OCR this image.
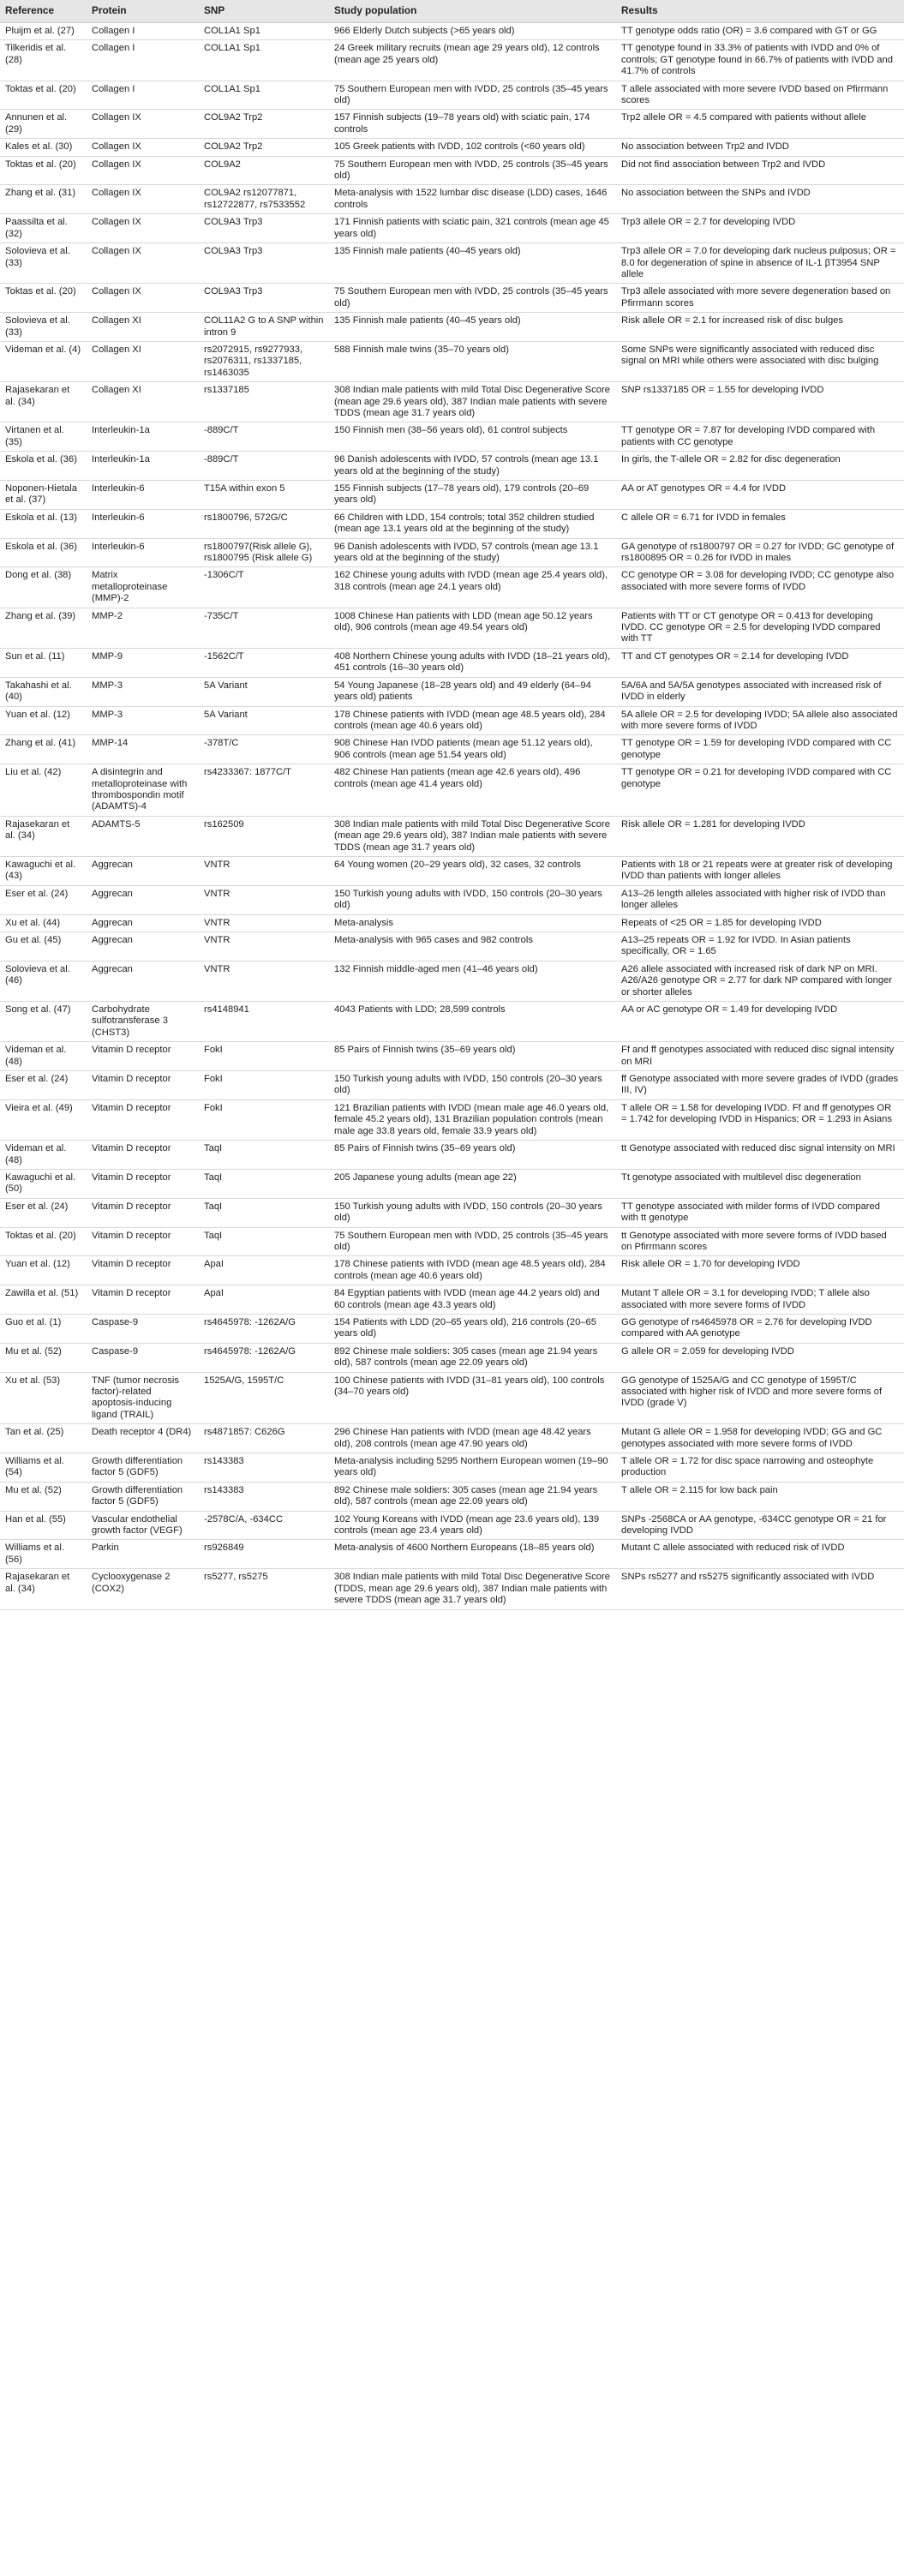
Reference	Protein	SNP	Study population	Results
Pluijm et al. (27)	Collagen I	COL1A1 Sp1	966 Elderly Dutch subjects (>65 years old)	TT genotype odds ratio (OR) = 3.6 compared with GT or GG
Tilkeridis et al. (28)	Collagen I	COL1A1 Sp1	24 Greek military recruits (mean age 29 years old), 12 controls (mean age 25 years old)	TT genotype found in 33.3% of patients with IVDD and 0% of controls; GT genotype found in 66.7% of patients with IVDD and 41.7% of controls
Toktas et al. (20)	Collagen I	COL1A1 Sp1	75 Southern European men with IVDD, 25 controls (35–45 years old)	T allele associated with more severe IVDD based on Pfirrmann scores
Annunen et al. (29)	Collagen IX	COL9A2 Trp2	157 Finnish subjects (19–78 years old) with sciatic pain, 174 controls	Trp2 allele OR = 4.5 compared with patients without allele
Kales et al. (30)	Collagen IX	COL9A2 Trp2	105 Greek patients with IVDD, 102 controls (<60 years old)	No association between Trp2 and IVDD
Toktas et al. (20)	Collagen IX	COL9A2	75 Southern European men with IVDD, 25 controls (35–45 years old)	Did not find association between Trp2 and IVDD
Zhang et al. (31)	Collagen IX	COL9A2 rs12077871, rs12722877, rs7533552	Meta-analysis with 1522 lumbar disc disease (LDD) cases, 1646 controls	No association between the SNPs and IVDD
Paassilta et al. (32)	Collagen IX	COL9A3 Trp3	171 Finnish patients with sciatic pain, 321 controls (mean age 45 years old)	Trp3 allele OR = 2.7 for developing IVDD
Solovieva et al. (33)	Collagen IX	COL9A3 Trp3	135 Finnish male patients (40–45 years old)	Trp3 allele OR = 7.0 for developing dark nucleus pulposus; OR = 8.0 for degeneration of spine in absence of IL-1 βT3954 SNP allele
Toktas et al. (20)	Collagen IX	COL9A3 Trp3	75 Southern European men with IVDD, 25 controls (35–45 years old)	Trp3 allele associated with more severe degeneration based on Pfirrmann scores
Solovieva et al. (33)	Collagen XI	COL11A2 G to A SNP within intron 9	135 Finnish male patients (40–45 years old)	Risk allele OR = 2.1 for increased risk of disc bulges
Videman et al. (4)	Collagen XI	rs2072915, rs9277933, rs2076311, rs1337185, rs1463035	588 Finnish male twins (35–70 years old)	Some SNPs were significantly associated with reduced disc signal on MRI while others were associated with disc bulging
Rajasekaran et al. (34)	Collagen XI	rs1337185	308 Indian male patients with mild Total Disc Degenerative Score (mean age 29.6 years old), 387 Indian male patients with severe TDDS (mean age 31.7 years old)	SNP rs1337185 OR = 1.55 for developing IVDD
Virtanen et al. (35)	Interleukin-1a	-889C/T	150 Finnish men (38–56 years old), 61 control subjects	TT genotype OR = 7.87 for developing IVDD compared with patients with CC genotype
Eskola et al. (36)	Interleukin-1a	-889C/T	96 Danish adolescents with IVDD, 57 controls (mean age 13.1 years old at the beginning of the study)	In girls, the T-allele OR = 2.82 for disc degeneration
Noponen-Hietala et al. (37)	Interleukin-6	T15A within exon 5	155 Finnish subjects (17–78 years old), 179 controls (20–69 years old)	AA or AT genotypes OR = 4.4 for IVDD
Eskola et al. (13)	Interleukin-6	rs1800796, 572G/C	66 Children with LDD, 154 controls; total 352 children studied (mean age 13.1 years old at the beginning of the study)	C allele OR = 6.71 for IVDD in females
Eskola et al. (36)	Interleukin-6	rs1800797(Risk allele G), rs1800795 (Risk allele G)	96 Danish adolescents with IVDD, 57 controls (mean age 13.1 years old at the beginning of the study)	GA genotype of rs1800797 OR = 0.27 for IVDD; GC genotype of rs1800895 OR = 0.26 for IVDD in males
Dong et al. (38)	Matrix metalloproteinase (MMP)-2	-1306C/T	162 Chinese young adults with IVDD (mean age 25.4 years old), 318 controls (mean age 24.1 years old)	CC genotype OR = 3.08 for developing IVDD; CC genotype also associated with more severe forms of IVDD
Zhang et al. (39)	MMP-2	-735C/T	1008 Chinese Han patients with LDD (mean age 50.12 years old), 906 controls (mean age 49.54 years old)	Patients with TT or CT genotype OR = 0.413 for developing IVDD. CC genotype OR = 2.5 for developing IVDD compared with TT
Sun et al. (11)	MMP-9	-1562C/T	408 Northern Chinese young adults with IVDD (18–21 years old), 451 controls (16–30 years old)	TT and CT genotypes OR = 2.14 for developing IVDD
Takahashi et al. (40)	MMP-3	5A Variant	54 Young Japanese (18–28 years old) and 49 elderly (64–94 years old) patients	5A/6A and 5A/5A genotypes associated with increased risk of IVDD in elderly
Yuan et al. (12)	MMP-3	5A Variant	178 Chinese patients with IVDD (mean age 48.5 years old), 284 controls (mean age 40.6 years old)	5A allele OR = 2.5 for developing IVDD; 5A allele also associated with more severe forms of IVDD
Zhang et al. (41)	MMP-14	-378T/C	908 Chinese Han IVDD patients (mean age 51.12 years old), 906 controls (mean age 51.54 years old)	TT genotype OR = 1.59 for developing IVDD compared with CC genotype
Liu et al. (42)	A disintegrin and metalloproteinase with thrombospondin motif (ADAMTS)-4	rs4233367: 1877C/T	482 Chinese Han patients (mean age 42.6 years old), 496 controls (mean age 41.4 years old)	TT genotype OR = 0.21 for developing IVDD compared with CC genotype
Rajasekaran et al. (34)	ADAMTS-5	rs162509	308 Indian male patients with mild Total Disc Degenerative Score (mean age 29.6 years old), 387 Indian male patients with severe TDDS (mean age 31.7 years old)	Risk allele OR = 1.281 for developing IVDD
Kawaguchi et al. (43)	Aggrecan	VNTR	64 Young women (20–29 years old), 32 cases, 32 controls	Patients with 18 or 21 repeats were at greater risk of developing IVDD than patients with longer alleles
Eser et al. (24)	Aggrecan	VNTR	150 Turkish young adults with IVDD, 150 controls (20–30 years old)	A13–26 length alleles associated with higher risk of IVDD than longer alleles
Xu et al. (44)	Aggrecan	VNTR	Meta-analysis	Repeats of <25 OR = 1.85 for developing IVDD
Gu et al. (45)	Aggrecan	VNTR	Meta-analysis with 965 cases and 982 controls	A13–25 repeats OR = 1.92 for IVDD. In Asian patients specifically, OR = 1.65
Solovieva et al. (46)	Aggrecan	VNTR	132 Finnish middle-aged men (41–46 years old)	A26 allele associated with increased risk of dark NP on MRI. A26/A26 genotype OR = 2.77 for dark NP compared with longer or shorter alleles
Song et al. (47)	Carbohydrate sulfotransferase 3 (CHST3)	rs4148941	4043 Patients with LDD; 28,599 controls	AA or AC genotype OR = 1.49 for developing IVDD
Videman et al. (48)	Vitamin D receptor	FokI	85 Pairs of Finnish twins (35–69 years old)	Ff and ff genotypes associated with reduced disc signal intensity on MRI
Eser et al. (24)	Vitamin D receptor	FokI	150 Turkish young adults with IVDD, 150 controls (20–30 years old)	ff Genotype associated with more severe grades of IVDD (grades III, IV)
Vieira et al. (49)	Vitamin D receptor	FokI	121 Brazilian patients with IVDD (mean male age 46.0 years old, female 45.2 years old), 131 Brazilian population controls (mean male age 33.8 years old, female 33.9 years old)	T allele OR = 1.58 for developing IVDD. Ff and ff genotypes OR = 1.742 for developing IVDD in Hispanics; OR = 1.293 in Asians
Videman et al. (48)	Vitamin D receptor	TaqI	85 Pairs of Finnish twins (35–69 years old)	tt Genotype associated with reduced disc signal intensity on MRI
Kawaguchi et al. (50)	Vitamin D receptor	TaqI	205 Japanese young adults (mean age 22)	Tt genotype associated with multilevel disc degeneration
Eser et al. (24)	Vitamin D receptor	TaqI	150 Turkish young adults with IVDD, 150 controls (20–30 years old)	TT genotype associated with milder forms of IVDD compared with tt genotype
Toktas et al. (20)	Vitamin D receptor	TaqI	75 Southern European men with IVDD, 25 controls (35–45 years old)	tt Genotype associated with more severe forms of IVDD based on Pfirrmann scores
Yuan et al. (12)	Vitamin D receptor	ApaI	178 Chinese patients with IVDD (mean age 48.5 years old), 284 controls (mean age 40.6 years old)	Risk allele OR = 1.70 for developing IVDD
Zawilla et al. (51)	Vitamin D receptor	ApaI	84 Egyptian patients with IVDD (mean age 44.2 years old) and 60 controls (mean age 43.3 years old)	Mutant T allele OR = 3.1 for developing IVDD; T allele also associated with more severe forms of IVDD
Guo et al. (1)	Caspase-9	rs4645978: -1262A/G	154 Patients with LDD (20–65 years old), 216 controls (20–65 years old)	GG genotype of rs4645978 OR = 2.76 for developing IVDD compared with AA genotype
Mu et al. (52)	Caspase-9	rs4645978: -1262A/G	892 Chinese male soldiers: 305 cases (mean age 21.94 years old), 587 controls (mean age 22.09 years old)	G allele OR = 2.059 for developing IVDD
Xu et al. (53)	TNF (tumor necrosis factor)-related apoptosis-inducing ligand (TRAIL)	1525A/G, 1595T/C	100 Chinese patients with IVDD (31–81 years old), 100 controls (34–70 years old)	GG genotype of 1525A/G and CC genotype of 1595T/C associated with higher risk of IVDD and more severe forms of IVDD (grade V)
Tan et al. (25)	Death receptor 4 (DR4)	rs4871857: C626G	296 Chinese Han patients with IVDD (mean age 48.42 years old), 208 controls (mean age 47.90 years old)	Mutant G allele OR = 1.958 for developing IVDD; GG and GC genotypes associated with more severe forms of IVDD
Williams et al. (54)	Growth differentiation factor 5 (GDF5)	rs143383	Meta-analysis including 5295 Northern European women (19–90 years old)	T allele OR = 1.72 for disc space narrowing and osteophyte production
Mu et al. (52)	Growth differentiation factor 5 (GDF5)	rs143383	892 Chinese male soldiers: 305 cases (mean age 21.94 years old), 587 controls (mean age 22.09 years old)	T allele OR = 2.115 for low back pain
Han et al. (55)	Vascular endothelial growth factor (VEGF)	-2578C/A, -634CC	102 Young Koreans with IVDD (mean age 23.6 years old), 139 controls (mean age 23.4 years old)	SNPs -2568CA or AA genotype, -634CC genotype OR = 21 for developing IVDD
Williams et al. (56)	Parkin	rs926849	Meta-analysis of 4600 Northern Europeans (18–85 years old)	Mutant C allele associated with reduced risk of IVDD
Rajasekaran et al. (34)	Cyclooxygenase 2 (COX2)	rs5277, rs5275	308 Indian male patients with mild Total Disc Degenerative Score (TDDS, mean age 29.6 years old), 387 Indian male patients with severe TDDS (mean age 31.7 years old)	SNPs rs5277 and rs5275 significantly associated with IVDD
